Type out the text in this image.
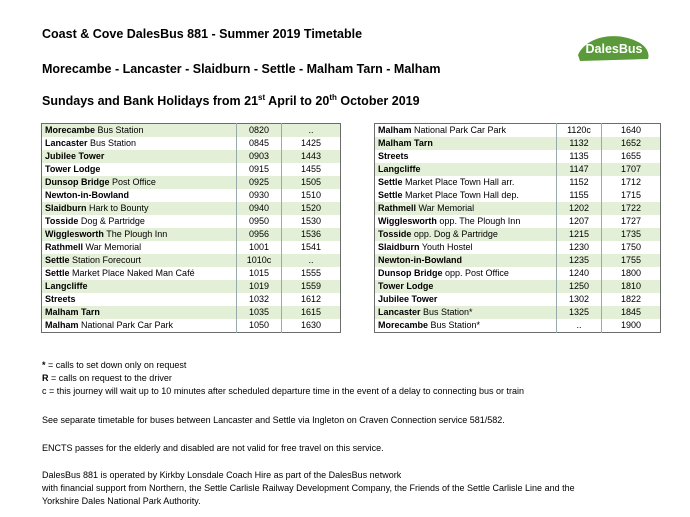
Coast & Cove DalesBus 881 - Summer 2019 Timetable
DalesBus
Morecambe - Lancaster - Slaidburn - Settle - Malham Tarn - Malham
Sundays and Bank Holidays from 21st April to 20th October 2019
Morecambe Bus Station	0820	..
Lancaster Bus Station	0845	1425
Jubilee Tower	0903	1443
Tower Lodge	0915	1455
Dunsop Bridge Post Office	0925	1505
Newton-in-Bowland	0930	1510
Slaidburn Hark to Bounty	0940	1520
Tosside Dog & Partridge	0950	1530
Wigglesworth The Plough Inn	0956	1536
Rathmell War Memorial	1001	1541
Settle Station Forecourt	1010c	..
Settle Market Place Naked Man Café	1015	1555
Langcliffe	1019	1559
Streets	1032	1612
Malham Tarn	1035	1615
Malham National Park Car Park	1050	1630
Malham National Park Car Park	1120c	1640
Malham Tarn	1132	1652
Streets	1135	1655
Langcliffe	1147	1707
Settle Market Place Town Hall arr.	1152	1712
Settle Market Place Town Hall dep.	1155	1715
Rathmell War Memorial	1202	1722
Wigglesworth opp. The Plough Inn	1207	1727
Tosside opp. Dog & Partridge	1215	1735
Slaidburn Youth Hostel	1230	1750
Newton-in-Bowland	1235	1755
Dunsop Bridge opp. Post Office	1240	1800
Tower Lodge	1250	1810
Jubilee Tower	1302	1822
Lancaster Bus Station*	1325	1845
Morecambe Bus Station*	..	1900
* = calls to set down only on request
R = calls on request to the driver
c = this journey will wait up to 10 minutes after scheduled departure time in the event of a delay to connecting bus or train
See separate timetable for buses between Lancaster and Settle via Ingleton on Craven Connection service 581/582.
ENCTS passes for the elderly and disabled are not valid for free travel on this service.
DalesBus 881 is operated by Kirkby Lonsdale Coach Hire as part of the DalesBus network
with financial support from Northern, the Settle Carlisle Railway Development Company, the Friends of the Settle Carlisle Line and the
Yorkshire Dales National Park Authority.
